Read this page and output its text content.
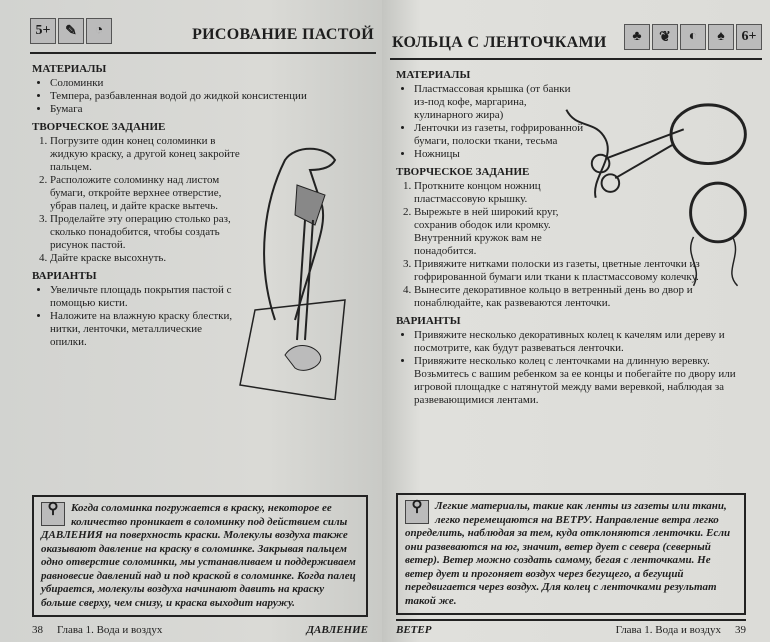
5+	✎	◔	РИСОВАНИЕ ПАСТОЙ
МАТЕРИАЛЫ
• Соломинки
• Темпера, разбавленная водой до жидкой консистенции
• Бумага
ТВОРЧЕСКОЕ ЗАДАНИЕ
1. Погрузите один конец соломинки в жидкую краску, а другой конец закройте пальцем.
2. Расположите соломинку над листом бумаги, откройте верхнее отверстие, убрав палец, и дайте краске вытечь.
3. Проделайте эту операцию столько раз, сколько понадобится, чтобы создать рисунок пастой.
4. Дайте краске высохнуть.
ВАРИАНТЫ
• Увеличьте площадь покрытия пастой с помощью кисти.
• Наложите на влажную краску блестки, нитки, ленточки, металлические опилки.
⚲	Когда соломинка погружается в краску, некоторое ее количество проникает в соломинку под действием силы ДАВЛЕНИЯ на поверхность краски. Молекулы воздуха также оказывают давление на краску в соломинке. Закрывая пальцем одно отверстие соломинки, мы устанавливаем и поддерживаем равновесие давлений над и под краской в соломинке. Когда палец убирается, молекулы воздуха начинают давить на краску больше сверху, чем снизу, и краска выходит наружу.
38 Глава 1. Вода и воздух	ДАВЛЕНИЕ
КОЛЬЦА С ЛЕНТОЧКАМИ	♣	❦	◐	♠	6+
МАТЕРИАЛЫ
• Пластмассовая крышка (от банки из-под кофе, маргарина, кулинарного жира)
• Ленточки из газеты, гофрированной бумаги, полоски ткани, тесьма
• Ножницы
ТВОРЧЕСКОЕ ЗАДАНИЕ
1. Проткните концом ножниц пластмассовую крышку.
2. Вырежьте в ней широкий круг, сохранив ободок или кромку. Внутренний кружок вам не понадобится.
3. Привяжите нитками полоски из газеты, цветные ленточки из гофрированной бумаги или ткани к пластмассовому колечку.
4. Вынесите декоративное кольцо в ветренный день во двор и понаблюдайте, как развеваются ленточки.
ВАРИАНТЫ
• Привяжите несколько декоративных колец к качелям или дереву и посмотрите, как будут развеваться ленточки.
• Привяжите несколько колец с ленточками на длинную веревку. Возьмитесь с вашим ребенком за ее концы и побегайте по двору или игровой площадке с натянутой между вами веревкой, наблюдая за развевающимися лентами.
⚲	Легкие материалы, такие как ленты из газеты или ткани, легко перемещаются на ВЕТРУ. Направление ветра легко определить, наблюдая за тем, куда отклоняются ленточки. Если они развеваются на юг, значит, ветер дует с севера (северный ветер). Ветер можно создать самому, бегая с ленточками. Не ветер дует и прогоняет воздух через бегущего, а бегущий передвигается через воздух. Для колец с ленточками результат такой же.
ВЕТЕР	Глава 1. Вода и воздух 39
